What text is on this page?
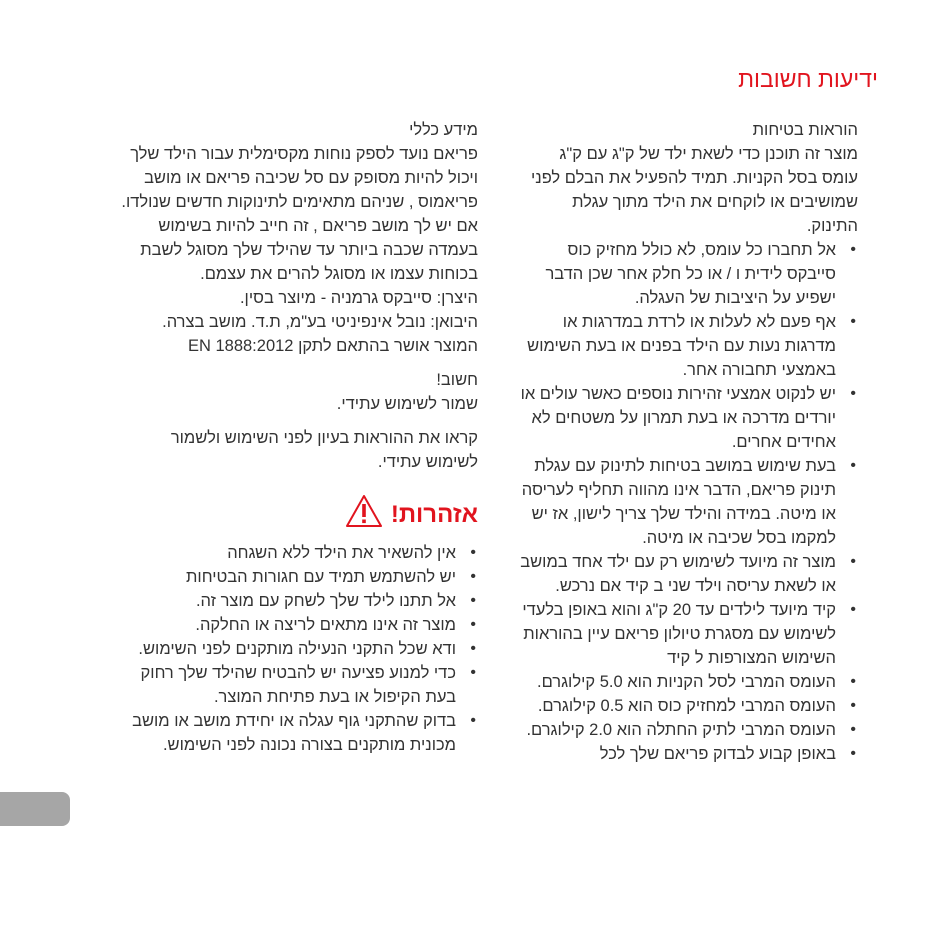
ידיעות חשובות
הוראות בטיחות

מוצר זה תוכנן כדי לשאת ילד של ק"ג עם ק"ג עומס בסל הקניות. תמיד להפעיל את הבלם לפני שמושיבים או לוקחים את הילד מתוך עגלת התינוק.

• אל תחברו כל עומס, לא כולל מחזיק כוס סייבקס לידית ו / או כל חלק אחר שכן הדבר ישפיע על היציבות של העגלה.
• אף פעם לא לעלות או לרדת במדרגות או מדרגות נעות עם הילד בפנים או בעת השימוש באמצעי תחבורה אחר.
• יש לנקוט אמצעי זהירות נוספים כאשר עולים או יורדים מדרכה או בעת תמרון על משטחים לא אחידים אחרים.
• בעת שימוש במושב בטיחות לתינוק עם עגלת תינוק פריאם, הדבר אינו מהווה תחליף לעריסה או מיטה. במידה והילד שלך צריך לישון, אז יש למקמו בסל שכיבה או מיטה.
• מוצר זה מיועד לשימוש רק עם ילד אחד במושב או לשאת עריסה וילד שני ב קיד אם נרכש.
• קיד מיועד לילדים עד 20 ק"ג והוא באופן בלעדי לשימוש עם מסגרת טיולון פריאם עיין בהוראות השימוש המצורפות ל קיד
• העומס המרבי לסל הקניות הוא 5.0 קילוגרם.
• העומס המרבי למחזיק כוס הוא 0.5 קילוגרם.
• העומס המרבי לתיק החתלה הוא 2.0 קילוגרם.
• באופן קבוע לבדוק פריאם שלך לכל
מידע כללי

פריאם נועד לספק נוחות מקסימלית עבור הילד שלך ויכול להיות מסופק עם סל שכיבה פריאם או מושב פריאמוס , שניהם מתאימים לתינוקות חדשים שנולדו. אם יש לך מושב פריאם , זה חייב להיות בשימוש בעמדה שכבה ביותר עד שהילד שלך מסוגל לשבת בכוחות עצמו או מסוגל להרים את עצמם.

היצרן: סייבקס גרמניה - מיוצר בסין.

היבואן: נובל אינפיניטי בע"מ, ת.ד. מושב בצרה.

המוצר אושר בהתאם לתקן EN 1888:2012

חשוב!

שמור לשימוש עתידי.

קראו את ההוראות בעיון לפני השימוש ולשמור לשימוש עתידי.

אזהרות!
• אין להשאיר את הילד ללא השגחה
• יש להשתמש תמיד עם חגורות הבטיחות
• אל תתנו לילד שלך לשחק עם מוצר זה.
• מוצר זה אינו מתאים לריצה או החלקה.
• ודא שכל התקני הנעילה מותקנים לפני השימוש.
• כדי למנוע פציעה יש להבטיח שהילד שלך רחוק בעת הקיפול או בעת פתיחת המוצר.
• בדוק שהתקני גוף עגלה או יחידת מושב או מושב מכונית מותקנים בצורה נכונה לפני השימוש.
